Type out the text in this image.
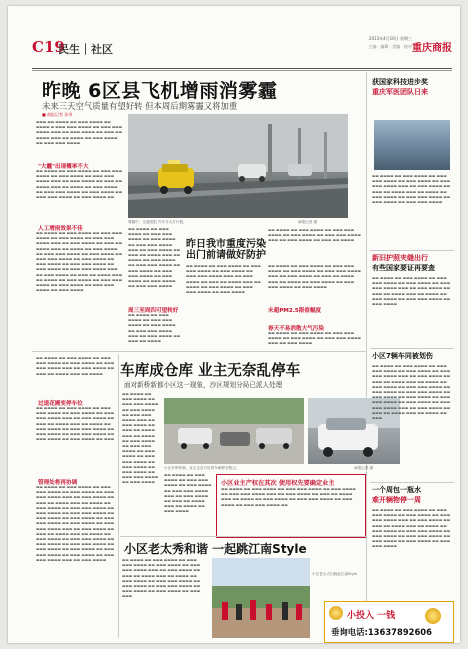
C19
民生｜社区
2013年4月10日 星期三
主编 · 编辑 · 美编 · 校对 重庆商报
昨晚 6区县飞机增雨消雾霾
未来三天空气质量有望好转 但本周后期雾霾又将加重
■ 商报记者 张琴
▬▬▬ ▬▬ ▬▬▬▬ ▬▬ ▬▬▬ ▬▬▬▬ ▬▬ ▬▬▬▬ ▬ ▬▬▬ ▬▬▬ ▬▬▬▬ ▬▬ ▬▬▬ ▬▬▬ ▬▬▬▬ ▬▬▬ ▬▬ ▬▬▬ ▬▬▬▬ ▬▬ ▬▬▬ ▬▬ ▬▬▬▬ ▬▬▬ ▬▬ ▬▬▬▬ ▬▬ ▬▬▬ ▬▬▬▬ ▬▬ ▬▬▬ ▬▬▬ ▬▬▬▬
"大霾"出现概率不大
▬▬ ▬▬▬▬ ▬▬ ▬▬▬ ▬▬▬▬ ▬▬ ▬▬▬ ▬▬▬ ▬▬▬▬ ▬▬ ▬▬▬ ▬▬▬▬ ▬▬ ▬▬▬ ▬▬▬ ▬▬▬▬ ▬▬▬ ▬▬ ▬▬▬ ▬▬▬▬ ▬▬ ▬▬▬ ▬▬ ▬▬▬▬ ▬▬▬ ▬▬ ▬▬▬▬ ▬▬ ▬▬▬ ▬▬▬▬ ▬▬ ▬▬▬ ▬▬▬ ▬▬▬▬ ▬▬ ▬▬▬ ▬▬▬▬ ▬▬ ▬▬▬ ▬▬▬ ▬▬▬▬ ▬▬ ▬▬▬ ▬▬▬▬ ▬▬
人工增雨效果不佳
▬▬ ▬▬▬▬ ▬▬ ▬▬▬ ▬▬▬▬ ▬▬ ▬▬▬ ▬▬▬ ▬▬▬▬ ▬▬ ▬▬▬ ▬▬▬▬ ▬▬ ▬▬▬ ▬▬▬ ▬▬▬▬ ▬▬▬ ▬▬ ▬▬▬ ▬▬▬▬ ▬▬ ▬▬▬ ▬▬ ▬▬▬▬ ▬▬▬ ▬▬ ▬▬▬▬ ▬▬ ▬▬▬ ▬▬▬▬ ▬▬ ▬▬▬ ▬▬▬ ▬▬▬▬ ▬▬ ▬▬▬ ▬▬▬▬ ▬▬ ▬▬▬ ▬▬▬ ▬▬▬▬ ▬▬ ▬▬▬ ▬▬▬▬ ▬▬ ▬▬▬ ▬▬▬▬ ▬▬ ▬▬▬ ▬▬▬ ▬▬▬▬ ▬▬ ▬▬▬ ▬▬▬▬ ▬▬ ▬▬▬ ▬▬▬ ▬▬▬▬ ▬▬▬ ▬▬ ▬▬▬ ▬▬▬▬ ▬▬ ▬▬▬ ▬▬ ▬▬▬▬ ▬▬▬ ▬▬ ▬▬▬▬ ▬▬ ▬▬▬ ▬▬▬▬ ▬▬ ▬▬▬ ▬▬▬ ▬▬▬▬ ▬▬ ▬▬▬ ▬▬▬▬ ▬▬ ▬▬▬ ▬▬▬ ▬▬▬▬ ▬▬ ▬▬▬ ▬▬▬▬
雾霾中，交通受阻 汽车开大灯行驶。	商报记者 摄
▬▬ ▬▬▬▬ ▬▬ ▬▬▬ ▬▬▬▬ ▬▬ ▬▬▬ ▬▬▬ ▬▬▬▬ ▬▬ ▬▬▬ ▬▬▬▬ ▬▬ ▬▬▬ ▬▬▬ ▬▬▬▬ ▬▬▬ ▬▬ ▬▬▬ ▬▬▬▬ ▬▬ ▬▬▬ ▬▬ ▬▬▬▬ ▬▬▬ ▬▬ ▬▬▬▬ ▬▬ ▬▬▬ ▬▬▬▬ ▬▬ ▬▬▬ ▬▬▬ ▬▬▬▬ ▬▬ ▬▬▬ ▬▬▬▬ ▬▬ ▬▬▬ ▬▬▬ ▬▬▬▬ ▬▬ ▬▬▬ ▬▬▬▬ ▬▬ ▬▬▬ ▬▬▬▬ ▬▬ ▬▬▬ ▬▬▬ ▬▬▬▬
昨日我市重度污染
出门前请做好防护
▬▬ ▬▬▬▬ ▬▬ ▬▬▬ ▬▬▬▬ ▬▬ ▬▬▬ ▬▬▬ ▬▬▬▬ ▬▬ ▬▬▬ ▬▬▬▬ ▬▬ ▬▬▬ ▬▬▬ ▬▬▬▬ ▬▬▬ ▬▬ ▬▬▬ ▬▬▬▬ ▬▬ ▬▬▬ ▬▬ ▬▬▬▬ ▬▬▬ ▬▬ ▬▬▬▬ ▬▬ ▬▬▬ ▬▬▬▬ ▬▬ ▬▬▬ ▬▬▬ ▬▬▬▬ ▬▬ ▬▬▬ ▬▬▬▬
周三至周四可望转好
▬▬ ▬▬▬▬ ▬▬ ▬▬▬ ▬▬▬▬ ▬▬ ▬▬▬ ▬▬▬ ▬▬▬▬ ▬▬ ▬▬▬ ▬▬▬▬ ▬▬ ▬▬▬ ▬▬▬ ▬▬▬▬ ▬▬▬ ▬▬ ▬▬▬ ▬▬▬▬ ▬▬ ▬▬▬ ▬▬ ▬▬▬▬
未超PM2.5限值幅度
▬▬ ▬▬▬▬ ▬▬ ▬▬▬ ▬▬▬▬ ▬▬ ▬▬▬ ▬▬▬ ▬▬▬▬ ▬▬ ▬▬▬ ▬▬▬▬ ▬▬ ▬▬▬ ▬▬▬ ▬▬▬▬ ▬▬▬ ▬▬ ▬▬▬ ▬▬▬▬ ▬▬ ▬▬▬ ▬▬ ▬▬▬▬ ▬▬▬ ▬▬ ▬▬▬▬ ▬▬ ▬▬▬ ▬▬▬▬ ▬▬ ▬▬▬ ▬▬▬ ▬▬▬▬ ▬▬ ▬▬▬ ▬▬▬▬
春天不易消散大气污染
▬▬ ▬▬▬▬ ▬▬ ▬▬▬ ▬▬▬▬ ▬▬ ▬▬▬ ▬▬▬ ▬▬▬▬ ▬▬ ▬▬▬ ▬▬▬▬ ▬▬ ▬▬▬ ▬▬▬ ▬▬▬▬ ▬▬▬ ▬▬ ▬▬▬ ▬▬▬▬
▬▬ ▬▬▬▬ ▬▬ ▬▬▬ ▬▬▬▬ ▬▬ ▬▬▬ ▬▬▬ ▬▬▬▬ ▬▬ ▬▬▬ ▬▬▬▬ ▬▬ ▬▬▬ ▬▬▬ ▬▬▬▬ ▬▬▬ ▬▬ ▬▬▬ ▬▬▬▬ ▬▬ ▬▬▬ ▬▬ ▬▬▬▬
▬▬ ▬▬▬▬ ▬▬ ▬▬▬ ▬▬▬▬ ▬▬ ▬▬▬ ▬▬▬ ▬▬▬▬ ▬▬ ▬▬▬ ▬▬▬▬ ▬▬ ▬▬▬ ▬▬▬ ▬▬▬▬ ▬▬▬ ▬▬ ▬▬▬ ▬▬▬▬ ▬▬ ▬▬▬ ▬▬ ▬▬▬▬ ▬▬▬ ▬▬ ▬▬▬▬
过道花圃变停车位
▬▬ ▬▬▬▬ ▬▬ ▬▬▬ ▬▬▬▬ ▬▬ ▬▬▬ ▬▬▬ ▬▬▬▬ ▬▬ ▬▬▬ ▬▬▬▬ ▬▬ ▬▬▬ ▬▬▬ ▬▬▬▬ ▬▬▬ ▬▬ ▬▬▬ ▬▬▬▬ ▬▬ ▬▬▬ ▬▬ ▬▬▬▬ ▬▬▬ ▬▬ ▬▬▬▬ ▬▬ ▬▬▬ ▬▬▬▬ ▬▬ ▬▬▬ ▬▬▬ ▬▬▬▬ ▬▬ ▬▬▬ ▬▬▬▬ ▬▬ ▬▬▬ ▬▬▬ ▬▬▬▬ ▬▬ ▬▬▬ ▬▬▬▬ ▬▬ ▬▬▬ ▬▬▬▬ ▬▬ ▬▬▬
管理处将再协调
▬▬ ▬▬▬▬ ▬▬ ▬▬▬ ▬▬▬▬ ▬▬ ▬▬▬ ▬▬▬ ▬▬▬▬ ▬▬ ▬▬▬ ▬▬▬▬ ▬▬ ▬▬▬ ▬▬▬ ▬▬▬▬ ▬▬▬ ▬▬ ▬▬▬ ▬▬▬▬ ▬▬ ▬▬▬ ▬▬ ▬▬▬▬ ▬▬▬ ▬▬ ▬▬▬▬ ▬▬ ▬▬▬ ▬▬▬▬ ▬▬ ▬▬▬ ▬▬▬ ▬▬▬▬ ▬▬ ▬▬▬ ▬▬▬▬ ▬▬ ▬▬▬ ▬▬▬ ▬▬▬▬ ▬▬ ▬▬▬ ▬▬▬▬ ▬▬ ▬▬▬ ▬▬▬▬ ▬▬ ▬▬▬ ▬▬▬ ▬▬▬▬ ▬▬ ▬▬▬ ▬▬▬▬ ▬▬ ▬▬▬ ▬▬▬ ▬▬▬▬ ▬▬▬ ▬▬ ▬▬▬ ▬▬▬▬ ▬▬ ▬▬▬ ▬▬ ▬▬▬▬ ▬▬▬ ▬▬ ▬▬▬▬ ▬▬ ▬▬▬ ▬▬▬▬ ▬▬ ▬▬▬ ▬▬▬ ▬▬▬▬ ▬▬ ▬▬▬ ▬▬▬▬ ▬▬ ▬▬▬ ▬▬▬ ▬▬▬▬ ▬▬ ▬▬▬ ▬▬▬▬ ▬▬ ▬▬▬ ▬▬▬▬ ▬▬ ▬▬▬ ▬▬▬ ▬▬▬▬ ▬▬ ▬▬▬ ▬▬▬▬ ▬▬ ▬▬▬ ▬▬▬ ▬▬▬▬ ▬▬▬ ▬▬ ▬▬▬ ▬▬▬▬
车库成仓库 业主无奈乱停车
面对新桥新都小区这一现象，沙区规划分局已派人处理
▬▬ ▬▬▬▬ ▬▬ ▬▬▬ ▬▬▬▬ ▬▬ ▬▬▬ ▬▬▬ ▬▬▬▬ ▬▬ ▬▬▬ ▬▬▬▬ ▬▬ ▬▬▬ ▬▬▬ ▬▬▬▬ ▬▬▬ ▬▬ ▬▬▬ ▬▬▬▬ ▬▬ ▬▬▬ ▬▬ ▬▬▬▬ ▬▬▬ ▬▬ ▬▬▬▬ ▬▬ ▬▬▬ ▬▬▬▬ ▬▬ ▬▬▬ ▬▬▬ ▬▬▬▬ ▬▬ ▬▬▬ ▬▬▬▬ ▬▬ ▬▬▬ ▬▬▬ ▬▬▬▬ ▬▬ ▬▬▬ ▬▬▬▬ ▬▬ ▬▬▬ ▬▬▬▬ ▬▬ ▬▬▬ ▬▬▬ ▬▬▬▬ ▬▬ ▬▬▬ ▬▬▬▬
小区车库停满，业主无奈只好将车辆停在路边。	商报记者 摄
▬▬ ▬▬▬▬ ▬▬ ▬▬▬ ▬▬▬▬ ▬▬ ▬▬▬ ▬▬▬ ▬▬▬▬ ▬▬ ▬▬▬ ▬▬▬▬ ▬▬ ▬▬▬ ▬▬▬ ▬▬▬▬ ▬▬▬ ▬▬ ▬▬▬ ▬▬▬▬ ▬▬ ▬▬▬ ▬▬ ▬▬▬▬ ▬▬▬ ▬▬ ▬▬▬▬ ▬▬ ▬▬▬ ▬▬▬▬
小区业主产权在其次 使用权先要确定业主
▬▬ ▬▬▬▬ ▬▬ ▬▬▬ ▬▬▬▬ ▬▬ ▬▬▬ ▬▬▬ ▬▬▬▬ ▬▬ ▬▬▬ ▬▬▬▬ ▬▬ ▬▬▬ ▬▬▬ ▬▬▬▬ ▬▬▬ ▬▬ ▬▬▬ ▬▬▬▬ ▬▬ ▬▬▬ ▬▬ ▬▬▬▬ ▬▬▬ ▬▬ ▬▬▬▬ ▬▬ ▬▬▬ ▬▬▬▬ ▬▬ ▬▬▬ ▬▬▬ ▬▬▬▬ ▬▬ ▬▬▬ ▬▬▬▬ ▬▬ ▬▬▬ ▬▬▬ ▬▬▬▬ ▬▬
小区老太秀和谐 一起跳江南Style
▬▬ ▬▬▬▬ ▬▬ ▬▬▬ ▬▬▬▬ ▬▬ ▬▬▬ ▬▬▬ ▬▬▬▬ ▬▬ ▬▬▬ ▬▬▬▬ ▬▬ ▬▬▬ ▬▬▬ ▬▬▬▬ ▬▬▬ ▬▬ ▬▬▬ ▬▬▬▬ ▬▬ ▬▬▬ ▬▬ ▬▬▬▬ ▬▬▬ ▬▬ ▬▬▬▬ ▬▬ ▬▬▬ ▬▬▬▬ ▬▬ ▬▬▬ ▬▬▬ ▬▬▬▬ ▬▬ ▬▬▬ ▬▬▬▬ ▬▬ ▬▬▬ ▬▬▬ ▬▬▬▬ ▬▬ ▬▬▬ ▬▬▬▬ ▬▬ ▬▬▬ ▬▬▬▬ ▬▬ ▬▬▬ ▬▬▬
小区老太太们跳起江南Style
获国家科技进步奖
重庆军医团队日来
▬▬ ▬▬▬▬ ▬▬ ▬▬▬ ▬▬▬▬ ▬▬ ▬▬▬ ▬▬▬ ▬▬▬▬ ▬▬ ▬▬▬ ▬▬▬▬ ▬▬ ▬▬▬ ▬▬▬ ▬▬▬▬ ▬▬▬ ▬▬ ▬▬▬ ▬▬▬▬ ▬▬ ▬▬▬ ▬▬ ▬▬▬▬ ▬▬▬ ▬▬ ▬▬▬▬ ▬▬ ▬▬▬ ▬▬▬▬ ▬▬ ▬▬▬ ▬▬▬ ▬▬▬▬ ▬▬ ▬▬▬ ▬▬▬▬ ▬▬ ▬▬▬ ▬▬▬ ▬▬▬▬
新旧护照夹缝出行
有些国家要证再要查
▬▬ ▬▬▬▬ ▬▬ ▬▬▬ ▬▬▬▬ ▬▬ ▬▬▬ ▬▬▬ ▬▬▬▬ ▬▬ ▬▬▬ ▬▬▬▬ ▬▬ ▬▬▬ ▬▬▬ ▬▬▬▬ ▬▬▬ ▬▬ ▬▬▬ ▬▬▬▬ ▬▬ ▬▬▬ ▬▬ ▬▬▬▬ ▬▬▬ ▬▬ ▬▬▬▬ ▬▬ ▬▬▬ ▬▬▬▬ ▬▬ ▬▬▬ ▬▬▬ ▬▬▬▬ ▬▬ ▬▬▬ ▬▬▬▬
小区7辆车同被划伤
▬▬ ▬▬▬▬ ▬▬ ▬▬▬ ▬▬▬▬ ▬▬ ▬▬▬ ▬▬▬ ▬▬▬▬ ▬▬ ▬▬▬ ▬▬▬▬ ▬▬ ▬▬▬ ▬▬▬ ▬▬▬▬ ▬▬▬ ▬▬ ▬▬▬ ▬▬▬▬ ▬▬ ▬▬▬ ▬▬ ▬▬▬▬ ▬▬▬ ▬▬ ▬▬▬▬ ▬▬ ▬▬▬ ▬▬▬▬ ▬▬ ▬▬▬ ▬▬▬ ▬▬▬▬ ▬▬ ▬▬▬ ▬▬▬▬ ▬▬ ▬▬▬ ▬▬▬ ▬▬▬▬ ▬▬ ▬▬▬ ▬▬▬▬ ▬▬ ▬▬▬ ▬▬▬▬ ▬▬ ▬▬▬ ▬▬▬ ▬▬▬▬ ▬▬ ▬▬▬ ▬▬▬▬ ▬▬ ▬▬▬ ▬▬▬ ▬▬▬▬ ▬▬▬ ▬▬ ▬▬▬ ▬▬▬▬ ▬▬ ▬▬▬ ▬▬ ▬▬▬▬ ▬▬▬ ▬▬ ▬▬▬▬ ▬▬ ▬▬▬
一个周包一瓶水
难开辆物停一周
▬▬ ▬▬▬▬ ▬▬ ▬▬▬ ▬▬▬▬ ▬▬ ▬▬▬ ▬▬▬ ▬▬▬▬ ▬▬ ▬▬▬ ▬▬▬▬ ▬▬ ▬▬▬ ▬▬▬ ▬▬▬▬ ▬▬▬ ▬▬ ▬▬▬ ▬▬▬▬ ▬▬ ▬▬▬ ▬▬ ▬▬▬▬ ▬▬▬ ▬▬ ▬▬▬▬ ▬▬ ▬▬▬ ▬▬▬▬ ▬▬ ▬▬▬ ▬▬▬ ▬▬▬▬ ▬▬ ▬▬▬ ▬▬▬▬ ▬▬ ▬▬▬ ▬▬▬ ▬▬▬▬ ▬▬ ▬▬▬ ▬▬▬▬ ▬▬ ▬▬▬ ▬▬▬▬ ▬▬ ▬▬▬ ▬▬▬ ▬▬▬▬
小投入 一钱
垂询电话:13637892606
